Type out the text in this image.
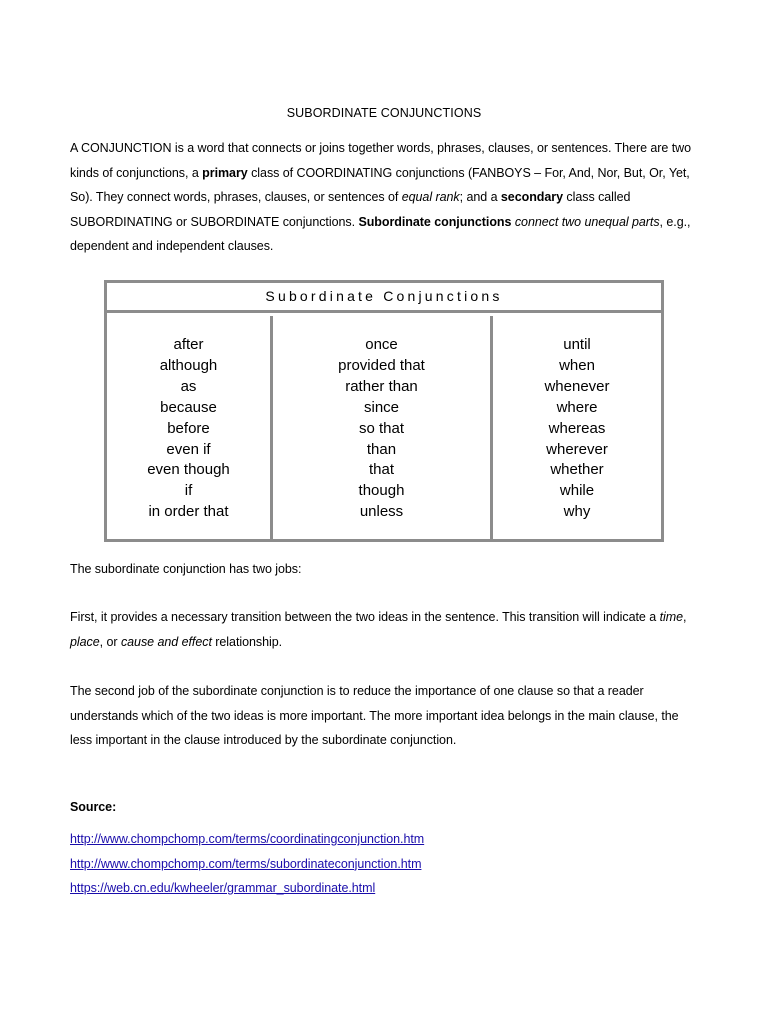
SUBORDINATE CONJUNCTIONS
A CONJUNCTION is a word that connects or joins together words, phrases, clauses, or sentences. There are two kinds of conjunctions, a primary class of COORDINATING conjunctions (FANBOYS – For, And, Nor, But, Or, Yet, So). They connect words, phrases, clauses, or sentences of equal rank; and a secondary class called SUBORDINATING or SUBORDINATE conjunctions. Subordinate conjunctions connect two unequal parts, e.g., dependent and independent clauses.
Subordinate Conjunctions
after
although
as
because
before
even if
even though
if
in order that
once
provided that
rather than
since
so that
than
that
though
unless
until
when
whenever
where
whereas
wherever
whether
while
why
The subordinate conjunction has two jobs:
First, it provides a necessary transition between the two ideas in the sentence. This transition will indicate a time, place, or cause and effect relationship.
The second job of the subordinate conjunction is to reduce the importance of one clause so that a reader understands which of the two ideas is more important. The more important idea belongs in the main clause, the less important in the clause introduced by the subordinate conjunction.
Source:
http://www.chompchomp.com/terms/coordinatingconjunction.htm
http://www.chompchomp.com/terms/subordinateconjunction.htm
https://web.cn.edu/kwheeler/grammar_subordinate.html
